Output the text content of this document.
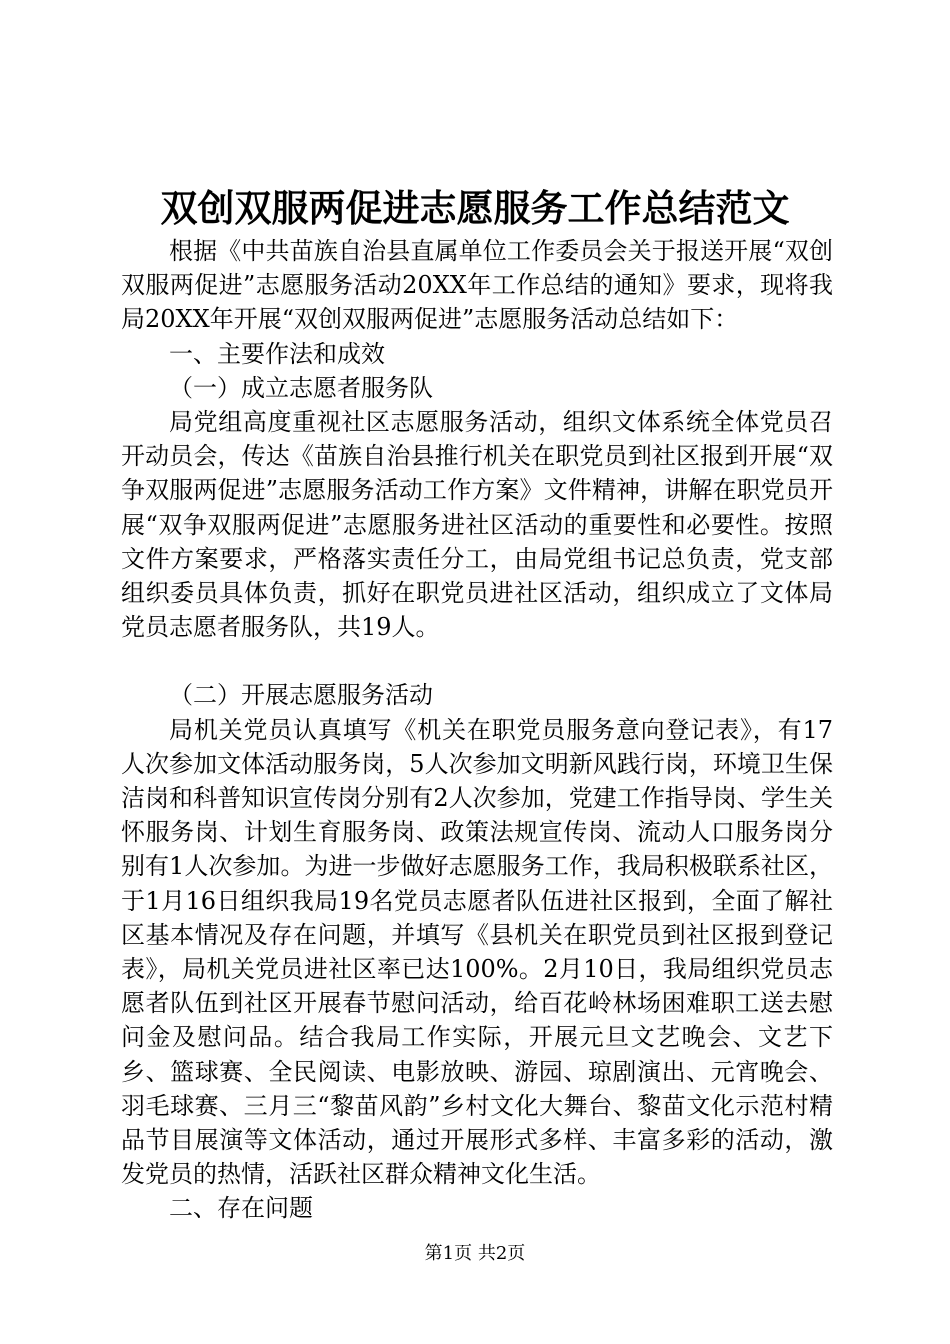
双创双服两促进志愿服务工作总结范文

根据《中共苗族自治县直属单位工作委员会关于报送开展“双创双服两促进”志愿服务活动20XX年工作总结的通知》要求，现将我局20XX年开展“双创双服两促进”志愿服务活动总结如下：

一、主要作法和成效

（一）成立志愿者服务队

局党组高度重视社区志愿服务活动，组织文体系统全体党员召开动员会，传达《苗族自治县推行机关在职党员到社区报到开展“双争双服两促进”志愿服务活动工作方案》文件精神，讲解在职党员开展“双争双服两促进”志愿服务进社区活动的重要性和必要性。按照文件方案要求，严格落实责任分工，由局党组书记总负责，党支部组织委员具体负责，抓好在职党员进社区活动，组织成立了文体局党员志愿者服务队，共19人。

（二）开展志愿服务活动

局机关党员认真填写《机关在职党员服务意向登记表》，有17人次参加文体活动服务岗，5人次参加文明新风践行岗，环境卫生保洁岗和科普知识宣传岗分别有2人次参加，党建工作指导岗、学生关怀服务岗、计划生育服务岗、政策法规宣传岗、流动人口服务岗分别有1人次参加。为进一步做好志愿服务工作，我局积极联系社区，于1月16日组织我局19名党员志愿者队伍进社区报到，全面了解社区基本情况及存在问题，并填写《县机关在职党员到社区报到登记表》，局机关党员进社区率已达100%。2月10日，我局组织党员志愿者队伍到社区开展春节慰问活动，给百花岭林场困难职工送去慰问金及慰问品。结合我局工作实际，开展元旦文艺晚会、文艺下乡、篮球赛、全民阅读、电影放映、游园、琼剧演出、元宵晚会、羽毛球赛、三月三“黎苗风韵”乡村文化大舞台、黎苗文化示范村精品节目展演等文体活动，通过开展形式多样、丰富多彩的活动，激发党员的热情，活跃社区群众精神文化生活。

二、存在问题

第1页 共2页
